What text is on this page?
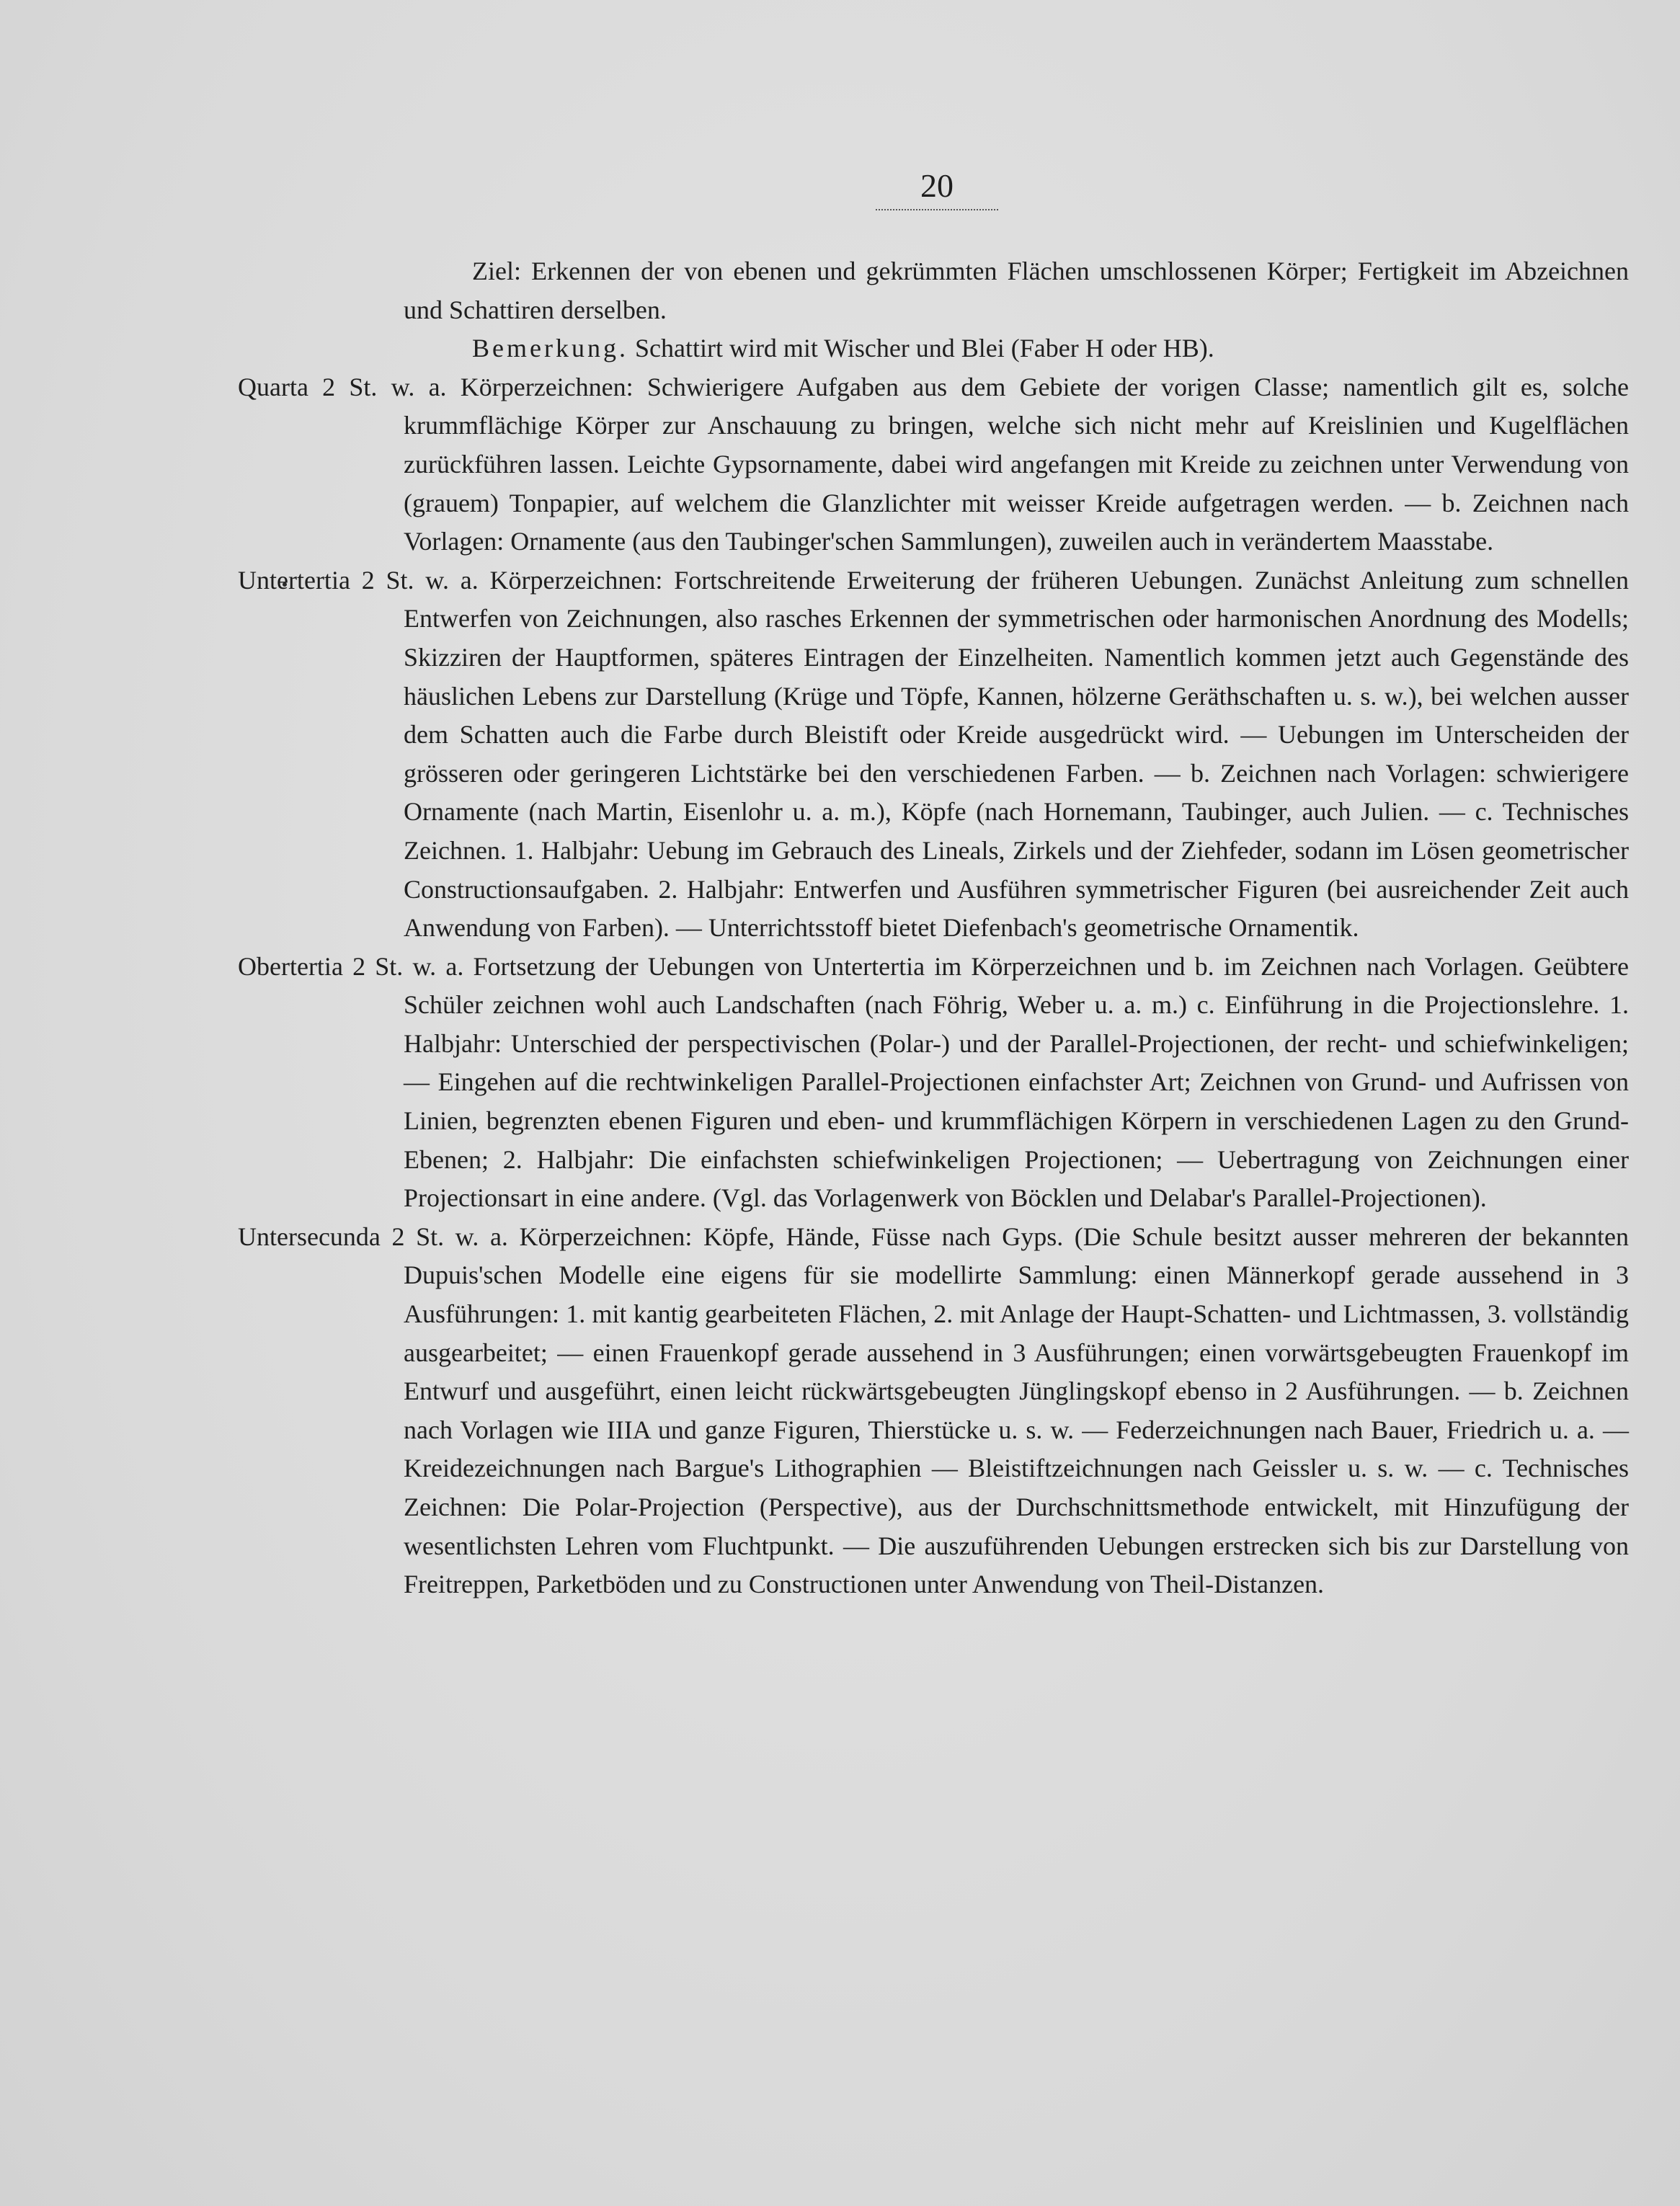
20

Ziel: Erkennen der von ebenen und gekrümmten Flächen umschlossenen Körper; Fertigkeit im Abzeichnen und Schattiren derselben.

Bemerkung. Schattirt wird mit Wischer und Blei (Faber H oder HB).

Quarta 2 St. w. a. Körperzeichnen: Schwierigere Aufgaben aus dem Gebiete der vorigen Classe; namentlich gilt es, solche krummflächige Körper zur Anschauung zu bringen, welche sich nicht mehr auf Kreislinien und Kugelflächen zurückführen lassen. Leichte Gypsornamente, dabei wird angefangen mit Kreide zu zeichnen unter Verwendung von (grauem) Tonpapier, auf welchem die Glanzlichter mit weisser Kreide aufgetragen werden. — b. Zeichnen nach Vorlagen: Ornamente (aus den Taubinger'schen Sammlungen), zuweilen auch in verändertem Maasstabe.

Untertertia 2 St. w. a. Körperzeichnen: Fortschreitende Erweiterung der früheren Uebungen. Zunächst Anleitung zum schnellen Entwerfen von Zeichnungen, also rasches Erkennen der symmetrischen oder harmonischen Anordnung des Modells; Skizziren der Hauptformen, späteres Eintragen der Einzelheiten. Namentlich kommen jetzt auch Gegenstände des häuslichen Lebens zur Darstellung (Krüge und Töpfe, Kannen, hölzerne Geräthschaften u. s. w.), bei welchen ausser dem Schatten auch die Farbe durch Bleistift oder Kreide ausgedrückt wird. — Uebungen im Unterscheiden der grösseren oder geringeren Lichtstärke bei den verschiedenen Farben. — b. Zeichnen nach Vorlagen: schwierigere Ornamente (nach Martin, Eisenlohr u. a. m.), Köpfe (nach Hornemann, Taubinger, auch Julien. — c. Technisches Zeichnen. 1. Halbjahr: Uebung im Gebrauch des Lineals, Zirkels und der Ziehfeder, sodann im Lösen geometrischer Constructionsaufgaben. 2. Halbjahr: Entwerfen und Ausführen symmetrischer Figuren (bei ausreichender Zeit auch Anwendung von Farben). — Unterrichtsstoff bietet Diefenbach's geometrische Ornamentik.

Obertertia 2 St. w. a. Fortsetzung der Uebungen von Untertertia im Körperzeichnen und b. im Zeichnen nach Vorlagen. Geübtere Schüler zeichnen wohl auch Landschaften (nach Föhrig, Weber u. a. m.) c. Einführung in die Projectionslehre. 1. Halbjahr: Unterschied der perspectivischen (Polar-) und der Parallel-Projectionen, der recht- und schiefwinkeligen; — Eingehen auf die rechtwinkeligen Parallel-Projectionen einfachster Art; Zeichnen von Grund- und Aufrissen von Linien, begrenzten ebenen Figuren und eben- und krummflächigen Körpern in verschiedenen Lagen zu den Grund-Ebenen; 2. Halbjahr: Die einfachsten schiefwinkeligen Projectionen; — Uebertragung von Zeichnungen einer Projectionsart in eine andere. (Vgl. das Vorlagenwerk von Böcklen und Delabar's Parallel-Projectionen).

Untersecunda 2 St. w. a. Körperzeichnen: Köpfe, Hände, Füsse nach Gyps. (Die Schule besitzt ausser mehreren der bekannten Dupuis'schen Modelle eine eigens für sie modellirte Sammlung: einen Männerkopf gerade aussehend in 3 Ausführungen: 1. mit kantig gearbeiteten Flächen, 2. mit Anlage der Haupt-Schatten- und Lichtmassen, 3. vollständig ausgearbeitet; — einen Frauenkopf gerade aussehend in 3 Ausführungen; einen vorwärtsgebeugten Frauenkopf im Entwurf und ausgeführt, einen leicht rückwärtsgebeugten Jünglingskopf ebenso in 2 Ausführungen. — b. Zeichnen nach Vorlagen wie IIIA und ganze Figuren, Thierstücke u. s. w. — Federzeichnungen nach Bauer, Friedrich u. a. — Kreidezeichnungen nach Bargue's Lithographien — Bleistiftzeichnungen nach Geissler u. s. w. — c. Technisches Zeichnen: Die Polar-Projection (Perspective), aus der Durchschnittsmethode entwickelt, mit Hinzufügung der wesentlichsten Lehren vom Fluchtpunkt. — Die auszuführenden Uebungen erstrecken sich bis zur Darstellung von Freitreppen, Parketböden und zu Constructionen unter Anwendung von Theil-Distanzen.
